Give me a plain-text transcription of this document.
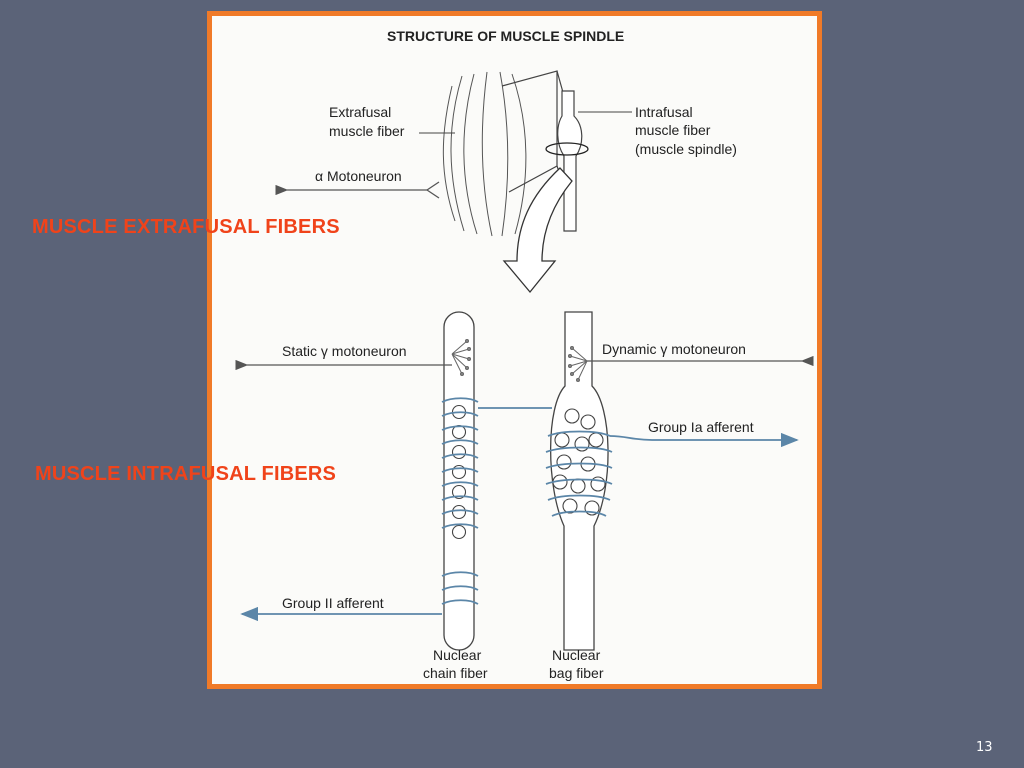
STRUCTURE OF MUSCLE SPINDLE
Extrafusal
muscle fiber
Intrafusal
muscle fiber
(muscle spindle)
α Motoneuron
Static γ motoneuron	Dynamic γ motoneuron
Group Ia afferent
Group II afferent
Nuclear
chain fiber
Nuclear
bag fiber
MUSCLE EXTRAFUSAL FIBERS
MUSCLE INTRAFUSAL FIBERS
13
